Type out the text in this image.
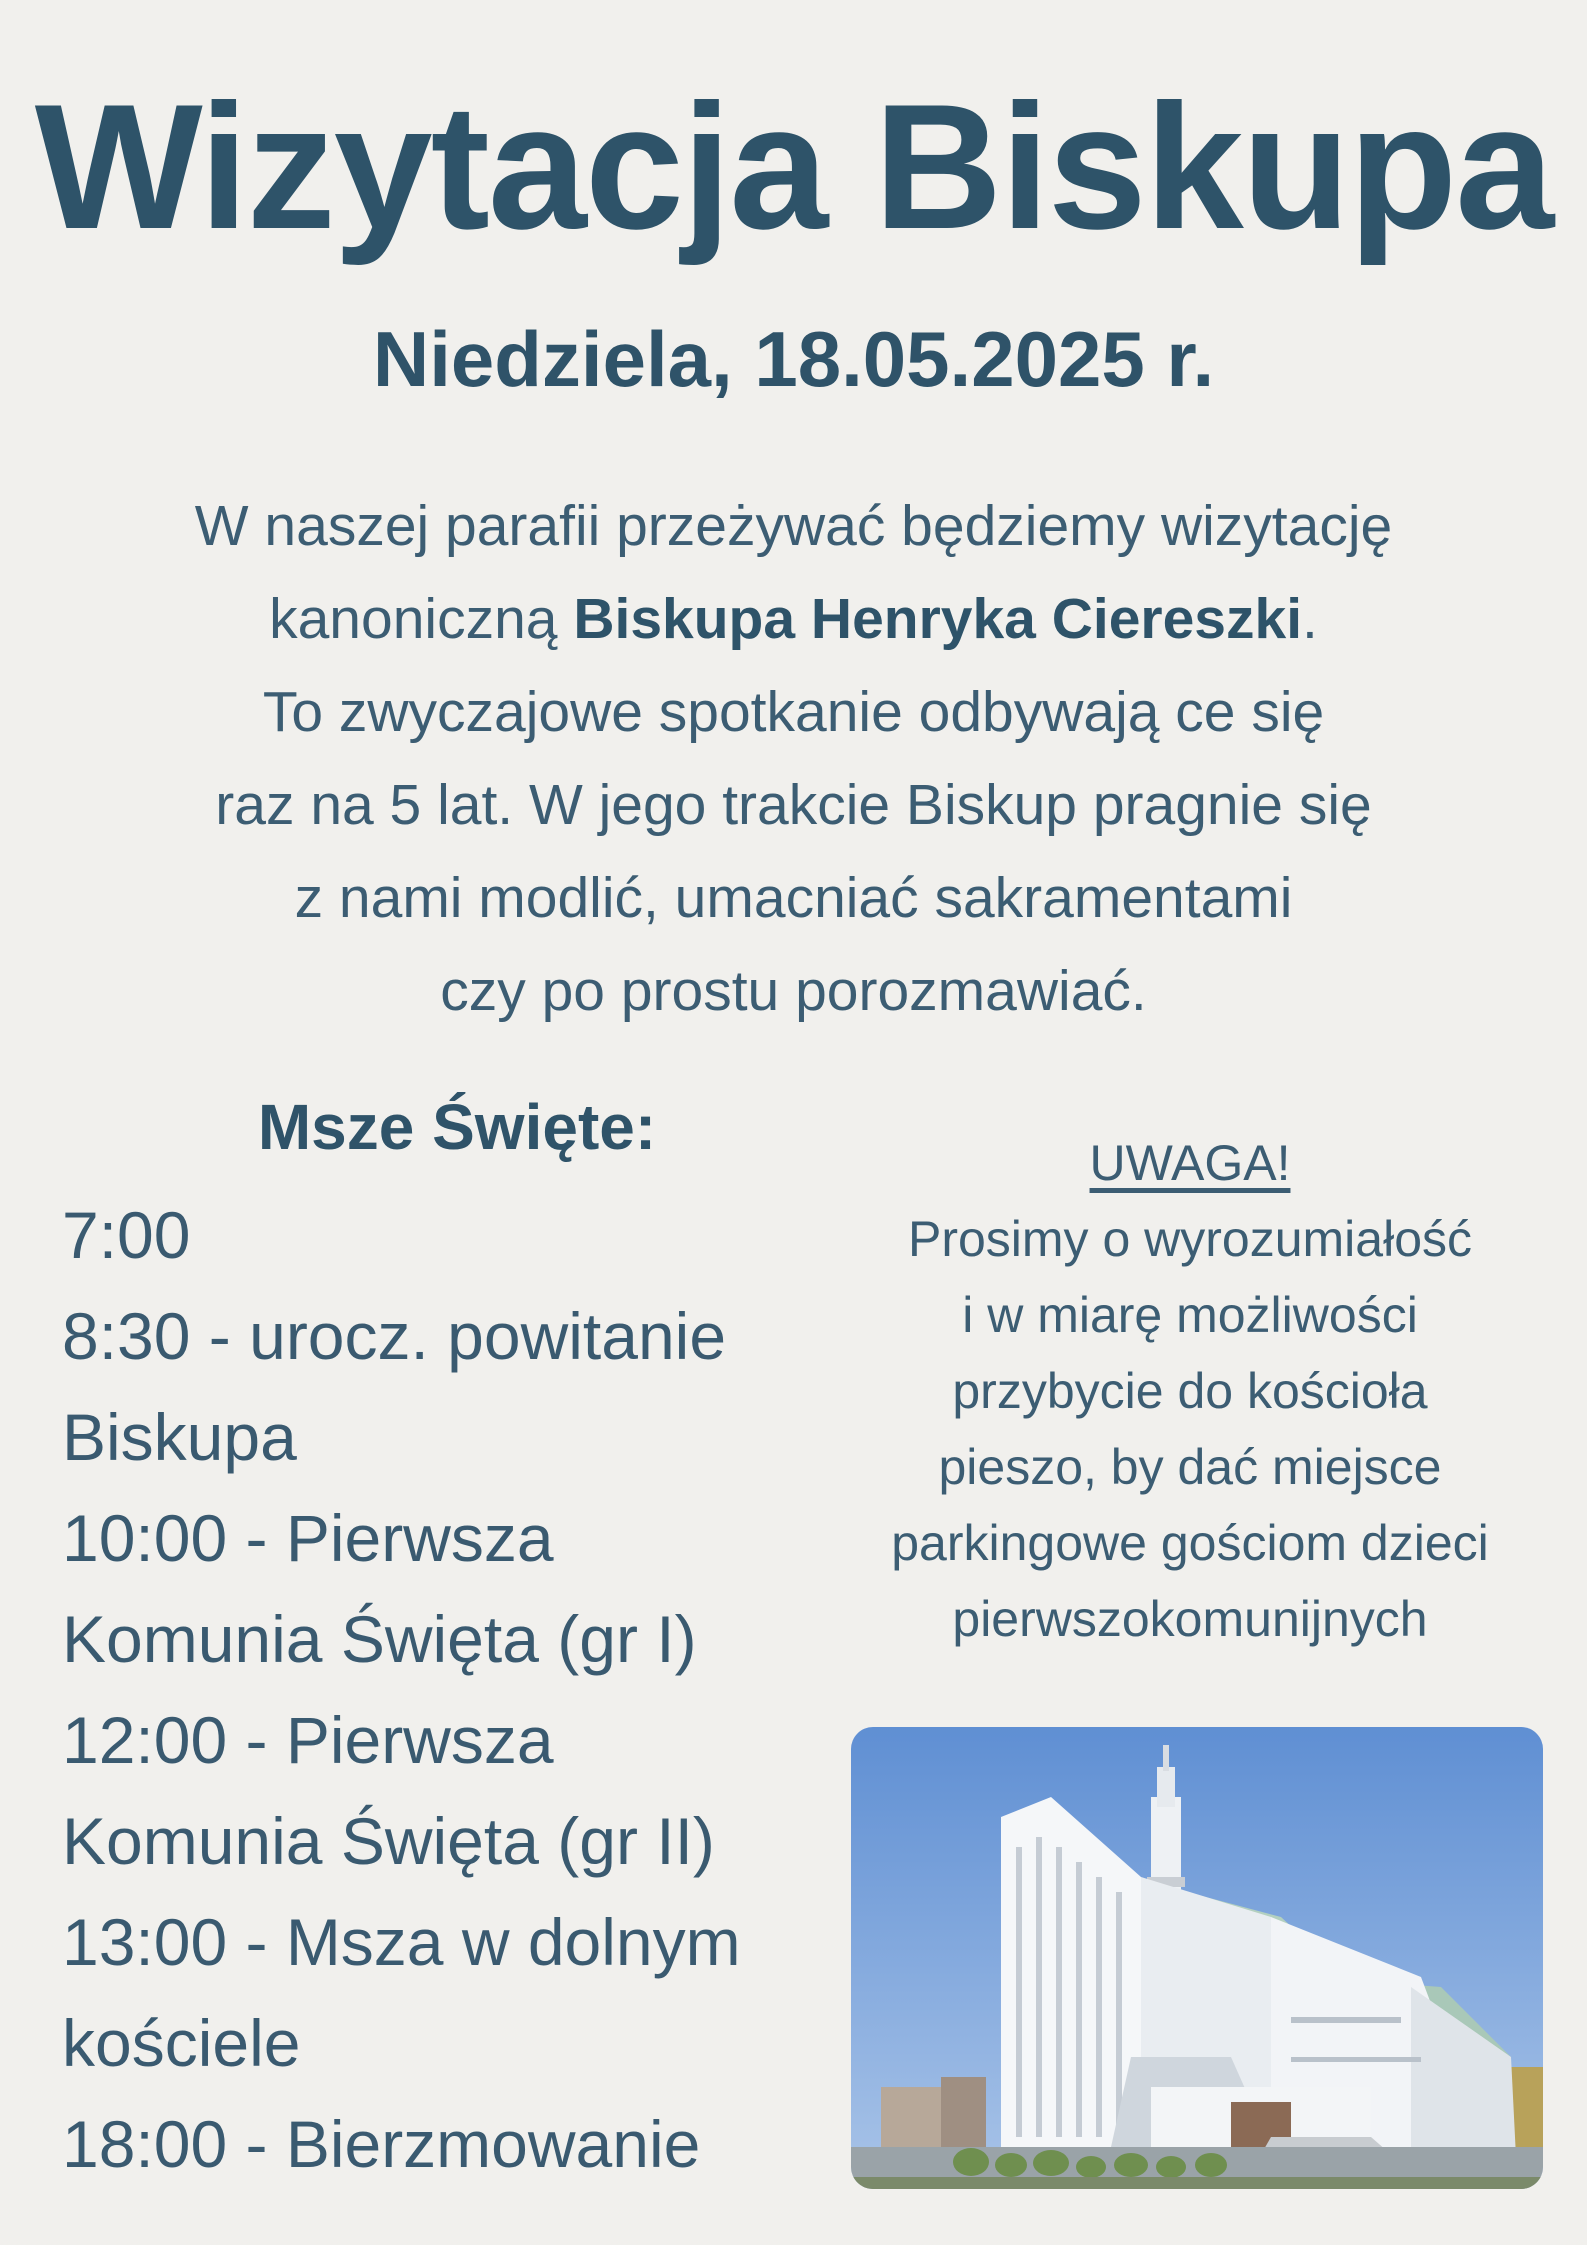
Wizytacja Biskupa
Niedziela, 18.05.2025 r.
W naszej parafii przeżywać będziemy wizytację
kanoniczną Biskupa Henryka Ciereszki.
To zwyczajowe spotkanie odbywają ce się
raz na 5 lat. W jego trakcie Biskup pragnie się
z nami modlić, umacniać sakramentami
czy po prostu porozmawiać.
Msze Święte:
7:00
8:30 - urocz. powitanie
Biskupa
10:00 - Pierwsza
Komunia Święta (gr I)
12:00 - Pierwsza
Komunia Święta (gr II)
13:00 - Msza w dolnym
kościele
18:00 - Bierzmowanie
UWAGA!
Prosimy o wyrozumiałość
i w miarę możliwości
przybycie do kościoła
pieszo, by dać miejsce
parkingowe gościom dzieci
pierwszokomunijnych
